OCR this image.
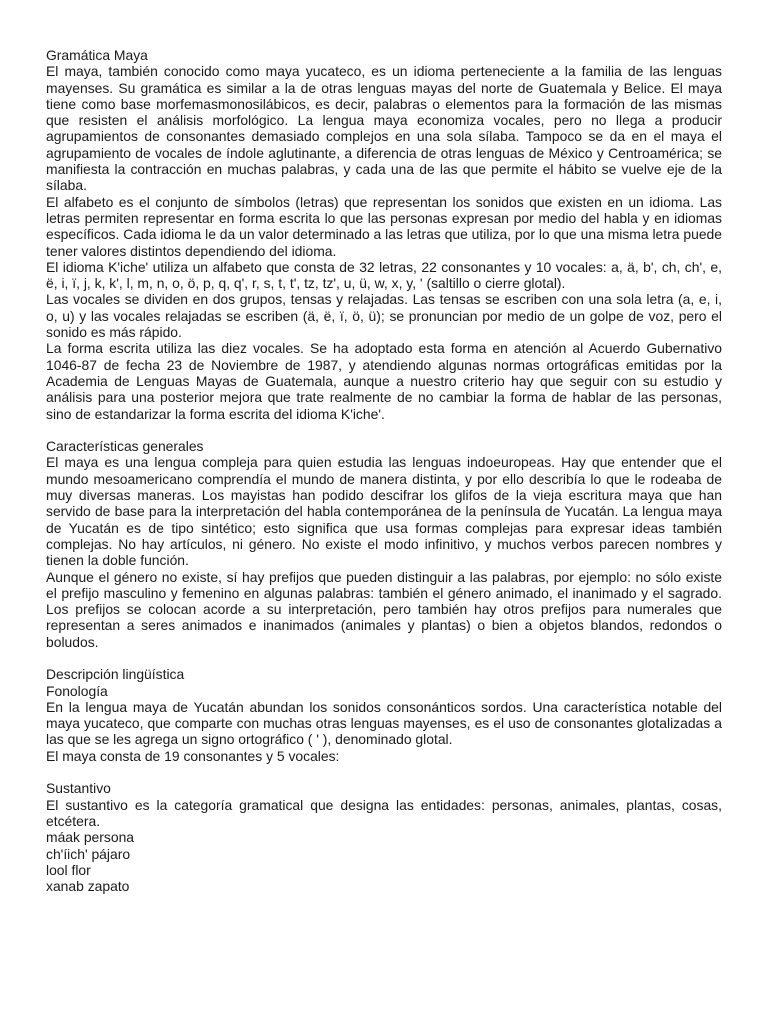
Gramática Maya

El maya, también conocido como maya yucateco, es un idioma perteneciente a la familia de las lenguas mayenses. Su gramática es similar a la de otras lenguas mayas del norte de Guatemala y Belice. El maya tiene como base morfemasmonosilábicos, es decir, palabras o elementos para la formación de las mismas que resisten el análisis morfológico. La lengua maya economiza vocales, pero no llega a producir agrupamientos de consonantes demasiado complejos en una sola sílaba. Tampoco se da en el maya el agrupamiento de vocales de índole aglutinante, a diferencia de otras lenguas de México y Centroamérica; se manifiesta la contracción en muchas palabras, y cada una de las que permite el hábito se vuelve eje de la sílaba.

El alfabeto es el conjunto de símbolos (letras) que representan los sonidos que existen en un idioma. Las letras permiten representar en forma escrita lo que las personas expresan por medio del habla y en idiomas específicos. Cada idioma le da un valor determinado a las letras que utiliza, por lo que una misma letra puede tener valores distintos dependiendo del idioma.

El idioma K'iche' utiliza un alfabeto que consta de 32 letras, 22 consonantes y 10 vocales: a, ä, b', ch, ch', e, ë, i, ï, j, k, k', l, m, n, o, ö, p, q, q', r, s, t, t', tz, tz', u, ü, w, x, y, ' (saltillo o cierre glotal).

Las vocales se dividen en dos grupos, tensas y relajadas. Las tensas se escriben con una sola letra (a, e, i, o, u) y las vocales relajadas se escriben (ä, ë, ï, ö, ü); se pronuncian por medio de un golpe de voz, pero el sonido es más rápido.

La forma escrita utiliza las diez vocales. Se ha adoptado esta forma en atención al Acuerdo Gubernativo 1046-87 de fecha 23 de Noviembre de 1987, y atendiendo algunas normas ortográficas emitidas por la Academia de Lenguas Mayas de Guatemala, aunque a nuestro criterio hay que seguir con su estudio y análisis para una posterior mejora que trate realmente de no cambiar la forma de hablar de las personas, sino de estandarizar la forma escrita del idioma K'iche'.

Características generales

El maya es una lengua compleja para quien estudia las lenguas indoeuropeas. Hay que entender que el mundo mesoamericano comprendía el mundo de manera distinta, y por ello describía lo que le rodeaba de muy diversas maneras. Los mayistas han podido descifrar los glifos de la vieja escritura maya que han servido de base para la interpretación del habla contemporánea de la península de Yucatán. La lengua maya de Yucatán es de tipo sintético; esto significa que usa formas complejas para expresar ideas también complejas. No hay artículos, ni género. No existe el modo infinitivo, y muchos verbos parecen nombres y tienen la doble función.

Aunque el género no existe, sí hay prefijos que pueden distinguir a las palabras, por ejemplo: no sólo existe el prefijo masculino y femenino en algunas palabras: también el género animado, el inanimado y el sagrado. Los prefijos se colocan acorde a su interpretación, pero también hay otros prefijos para numerales que representan a seres animados e inanimados (animales y plantas) o bien a objetos blandos, redondos o boludos.

Descripción lingüística
Fonología

En la lengua maya de Yucatán abundan los sonidos consonánticos sordos. Una característica notable del maya yucateco, que comparte con muchas otras lenguas mayenses, es el uso de consonantes glotalizadas a las que se les agrega un signo ortográfico ( ' ), denominado glotal.

El maya consta de 19 consonantes y 5 vocales:

Sustantivo

El sustantivo es la categoría gramatical que designa las entidades: personas, animales, plantas, cosas, etcétera.

máak persona
ch'íich' pájaro
lool flor
xanab zapato
